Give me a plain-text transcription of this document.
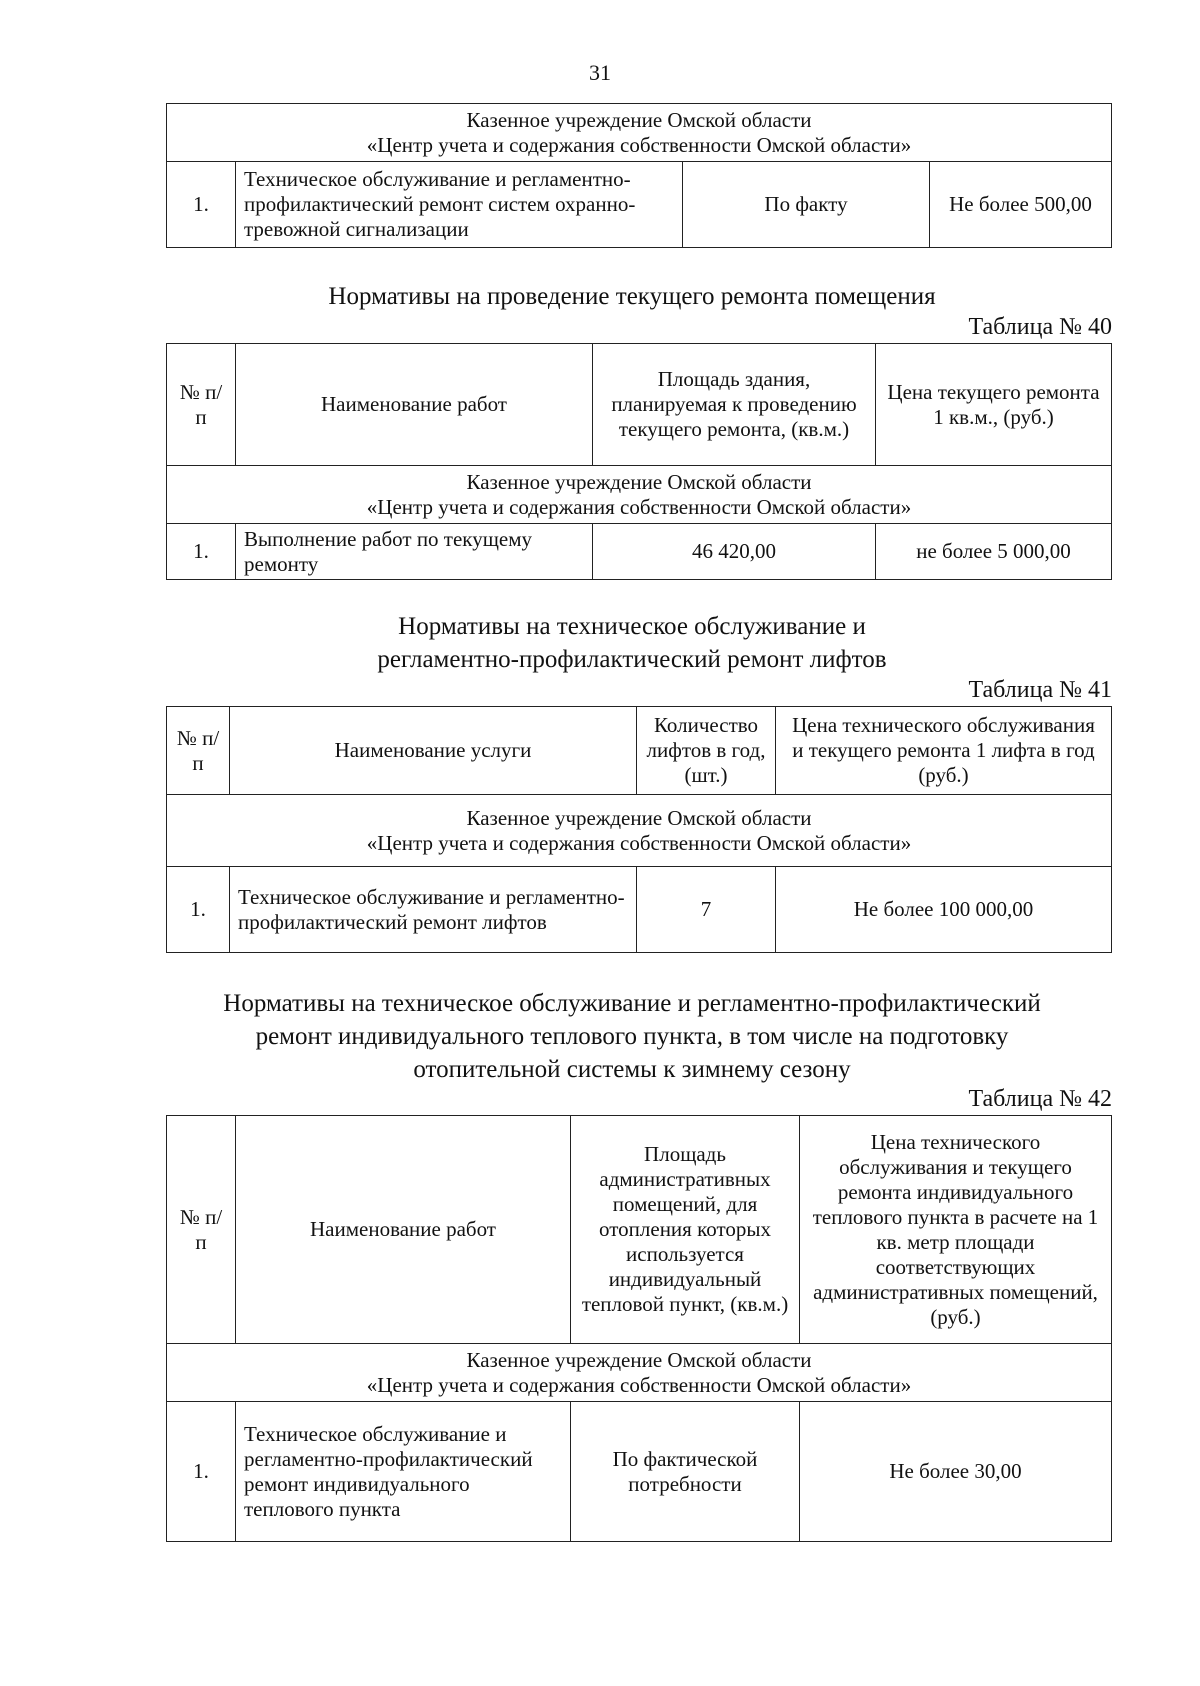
31
Казенное учреждение Омской области
«Центр учета и содержания собственности Омской области»

1.	Техническое обслуживание и регламентно-профилактический ремонт систем охранно-тревожной сигнализации	По факту	Не более 500,00
Нормативы на проведение текущего ремонта помещения
Таблица № 40
№ п/п	Наименование работ	Площадь здания, планируемая к проведению текущего ремонта, (кв.м.)	Цена текущего ремонта 1 кв.м., (руб.)

Казенное учреждение Омской области
«Центр учета и содержания собственности Омской области»			

1.	Выполнение работ по текущему ремонту	46 420,00	не более 5 000,00
Нормативы на техническое обслуживание и
регламентно-профилактический ремонт лифтов
Таблица № 41
№ п/п	Наименование услуги	Количество лифтов в год, (шт.)	Цена технического обслуживания и текущего ремонта 1 лифта в год (руб.)

Казенное учреждение Омской области
«Центр учета и содержания собственности Омской области»			

1.	Техническое обслуживание и регламентно-профилактический ремонт лифтов	7	Не более 100 000,00
Нормативы на техническое обслуживание и регламентно-профилактический
ремонт индивидуального теплового пункта, в том числе на подготовку
отопительной системы к зимнему сезону
Таблица № 42
№ п/п	Наименование работ	Площадь административных помещений, для отопления которых используется индивидуальный тепловой пункт, (кв.м.)	Цена технического обслуживания и текущего ремонта индивидуального теплового пункта в расчете на 1 кв. метр площади соответствующих административных помещений, (руб.)

Казенное учреждение Омской области
«Центр учета и содержания собственности Омской области»			

1.	Техническое обслуживание и регламентно-профилактический ремонт индивидуального теплового пункта	По фактической потребности	Не более 30,00
